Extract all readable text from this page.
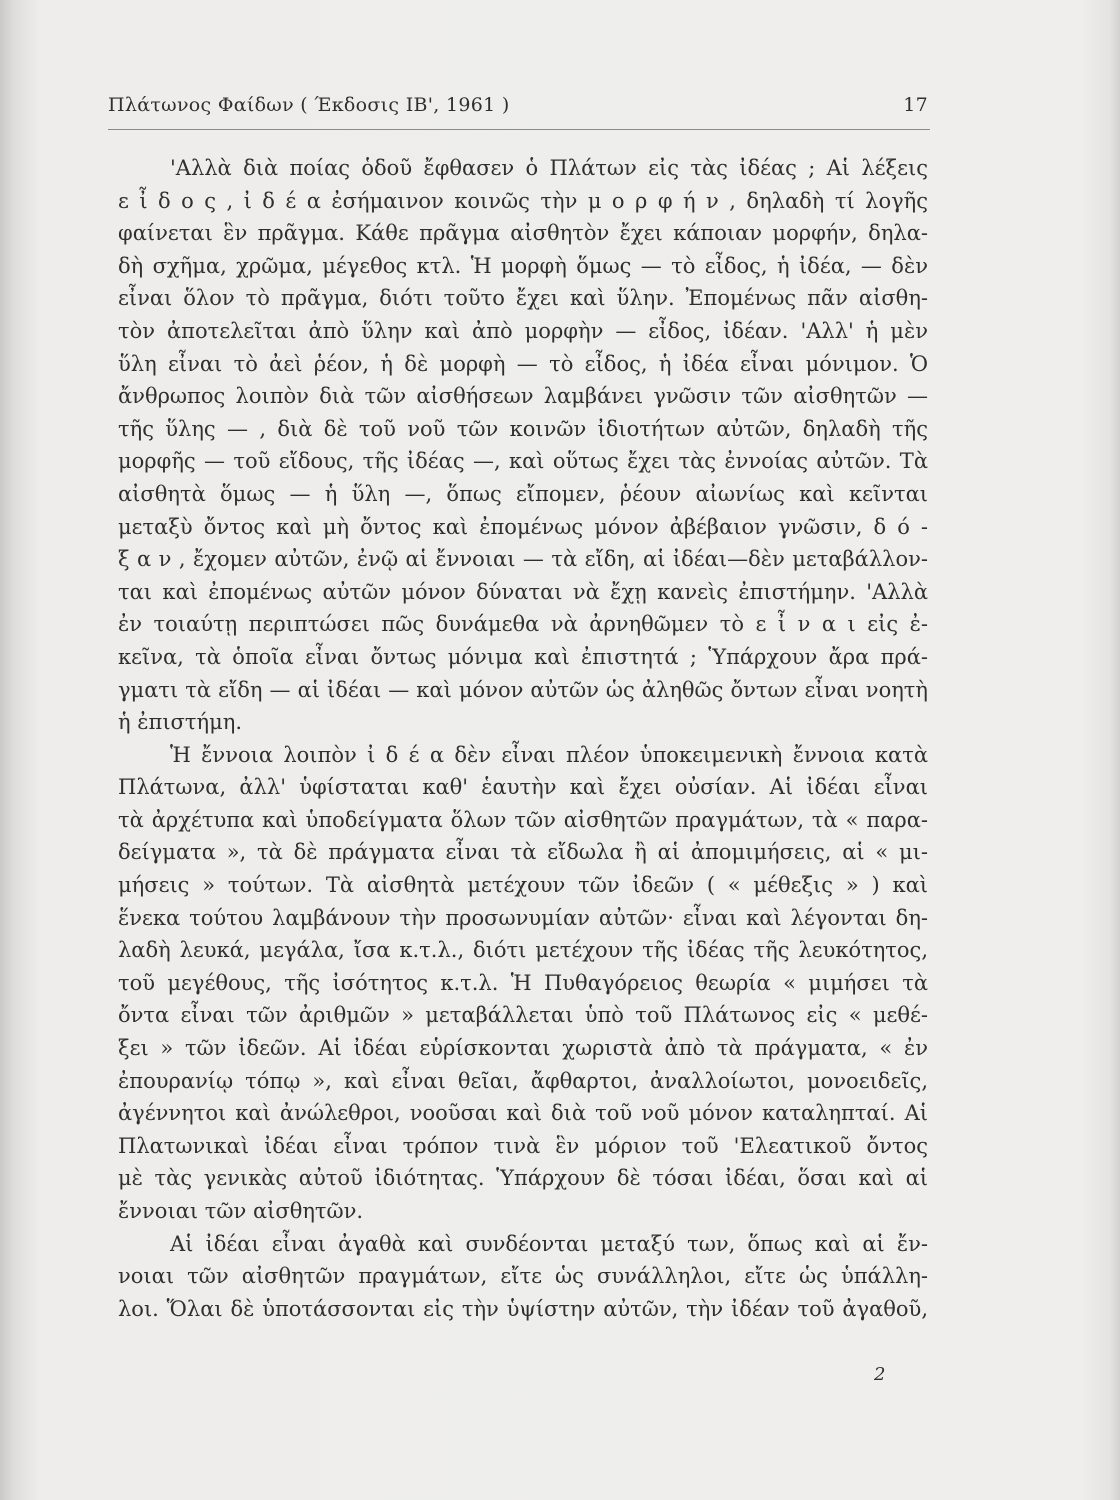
Πλάτωνος Φαίδων ( Έκδοσις ΙΒ', 1961 )	17
'Αλλὰ διὰ ποίας ὁδοῦ ἔφθασεν ὁ Πλάτων εἰς τὰς ἰδέας ; Αἱ λέξεις
ε ἶ δ ο ς , ἰ δ έ α ἐσήμαινον κοινῶς τὴν μ ο ρ φ ή ν , δηλαδὴ τί λογῆς
φαίνεται ἓν πρᾶγμα. Κάθε πρᾶγμα αἰσθητὸν ἔχει κάποιαν μορφήν, δηλα-
δὴ σχῆμα, χρῶμα, μέγεθος κτλ. Ἡ μορφὴ ὅμως — τὸ εἶδος, ἡ ἰδέα, — δὲν
εἶναι ὅλον τὸ πρᾶγμα, διότι τοῦτο ἔχει καὶ ὕλην. Ἐπομένως πᾶν αἰσθη-
τὸν ἀποτελεῖται ἀπὸ ὕλην καὶ ἀπὸ μορφὴν — εἶδος, ἰδέαν. 'Αλλ' ἡ μὲν
ὕλη εἶναι τὸ ἀεὶ ῥέον, ἡ δὲ μορφὴ — τὸ εἶδος, ἡ ἰδέα εἶναι μόνιμον. Ὁ
ἄνθρωπος λοιπὸν διὰ τῶν αἰσθήσεων λαμβάνει γνῶσιν τῶν αἰσθητῶν —
τῆς ὕλης — , διὰ δὲ τοῦ νοῦ τῶν κοινῶν ἰδιοτήτων αὐτῶν, δηλαδὴ τῆς
μορφῆς — τοῦ εἴδους, τῆς ἰδέας —, καὶ οὕτως ἔχει τὰς ἐννοίας αὐτῶν. Τὰ
αἰσθητὰ ὅμως — ἡ ὕλη —, ὅπως εἴπομεν, ῥέουν αἰωνίως καὶ κεῖνται
μεταξὺ ὄντος καὶ μὴ ὄντος καὶ ἐπομένως μόνον ἀβέβαιον γνῶσιν, δ ό -
ξ α ν , ἔχομεν αὐτῶν, ἐνῷ αἱ ἔννοιαι — τὰ εἴδη, αἱ ἰδέαι—δὲν μεταβάλλον-
ται καὶ ἐπομένως αὐτῶν μόνον δύναται νὰ ἔχῃ κανεὶς ἐπιστήμην. 'Αλλὰ
ἐν τοιαύτῃ περιπτώσει πῶς δυνάμεθα νὰ ἀρνηθῶμεν τὸ ε ἶ ν α ι εἰς ἐ-
κεῖνα, τὰ ὁποῖα εἶναι ὄντως μόνιμα καὶ ἐπιστητά ; Ὑπάρχουν ἄρα πρά-
γματι τὰ εἴδη — αἱ ἰδέαι — καὶ μόνον αὐτῶν ὡς ἀληθῶς ὄντων εἶναι νοητὴ
ἡ ἐπιστήμη.
Ἡ ἔννοια λοιπὸν ἰ δ έ α δὲν εἶναι πλέον ὑποκειμενικὴ ἔννοια κατὰ
Πλάτωνα, ἀλλ' ὑφίσταται καθ' ἑαυτὴν καὶ ἔχει οὐσίαν. Αἱ ἰδέαι εἶναι
τὰ ἀρχέτυπα καὶ ὑποδείγματα ὅλων τῶν αἰσθητῶν πραγμάτων, τὰ « παρα-
δείγματα », τὰ δὲ πράγματα εἶναι τὰ εἴδωλα ἢ αἱ ἀπομιμήσεις, αἱ « μι-
μήσεις » τούτων. Τὰ αἰσθητὰ μετέχουν τῶν ἰδεῶν ( « μέθεξις » ) καὶ
ἕνεκα τούτου λαμβάνουν τὴν προσωνυμίαν αὐτῶν· εἶναι καὶ λέγονται δη-
λαδὴ λευκά, μεγάλα, ἴσα κ.τ.λ., διότι μετέχουν τῆς ἰδέας τῆς λευκότητος,
τοῦ μεγέθους, τῆς ἰσότητος κ.τ.λ. Ἡ Πυθαγόρειος θεωρία « μιμήσει τὰ
ὄντα εἶναι τῶν ἀριθμῶν » μεταβάλλεται ὑπὸ τοῦ Πλάτωνος εἰς « μεθέ-
ξει » τῶν ἰδεῶν. Αἱ ἰδέαι εὑρίσκονται χωριστὰ ἀπὸ τὰ πράγματα, « ἐν
ἐπουρανίῳ τόπῳ », καὶ εἶναι θεῖαι, ἄφθαρτοι, ἀναλλοίωτοι, μονοειδεῖς,
ἀγέννητοι καὶ ἀνώλεθροι, νοοῦσαι καὶ διὰ τοῦ νοῦ μόνον καταληπταί. Αἱ
Πλατωνικαὶ ἰδέαι εἶναι τρόπον τινὰ ἓν μόριον τοῦ 'Ελεατικοῦ ὄντος
μὲ τὰς γενικὰς αὐτοῦ ἰδιότητας. Ὑπάρχουν δὲ τόσαι ἰδέαι, ὅσαι καὶ αἱ
ἔννοιαι τῶν αἰσθητῶν.
Αἱ ἰδέαι εἶναι ἀγαθὰ καὶ συνδέονται μεταξύ των, ὅπως καὶ αἱ ἔν-
νοιαι τῶν αἰσθητῶν πραγμάτων, εἴτε ὡς συνάλληλοι, εἴτε ὡς ὑπάλλη-
λοι. Ὅλαι δὲ ὑποτάσσονται εἰς τὴν ὑψίστην αὐτῶν, τὴν ἰδέαν τοῦ ἀγαθοῦ,
2
